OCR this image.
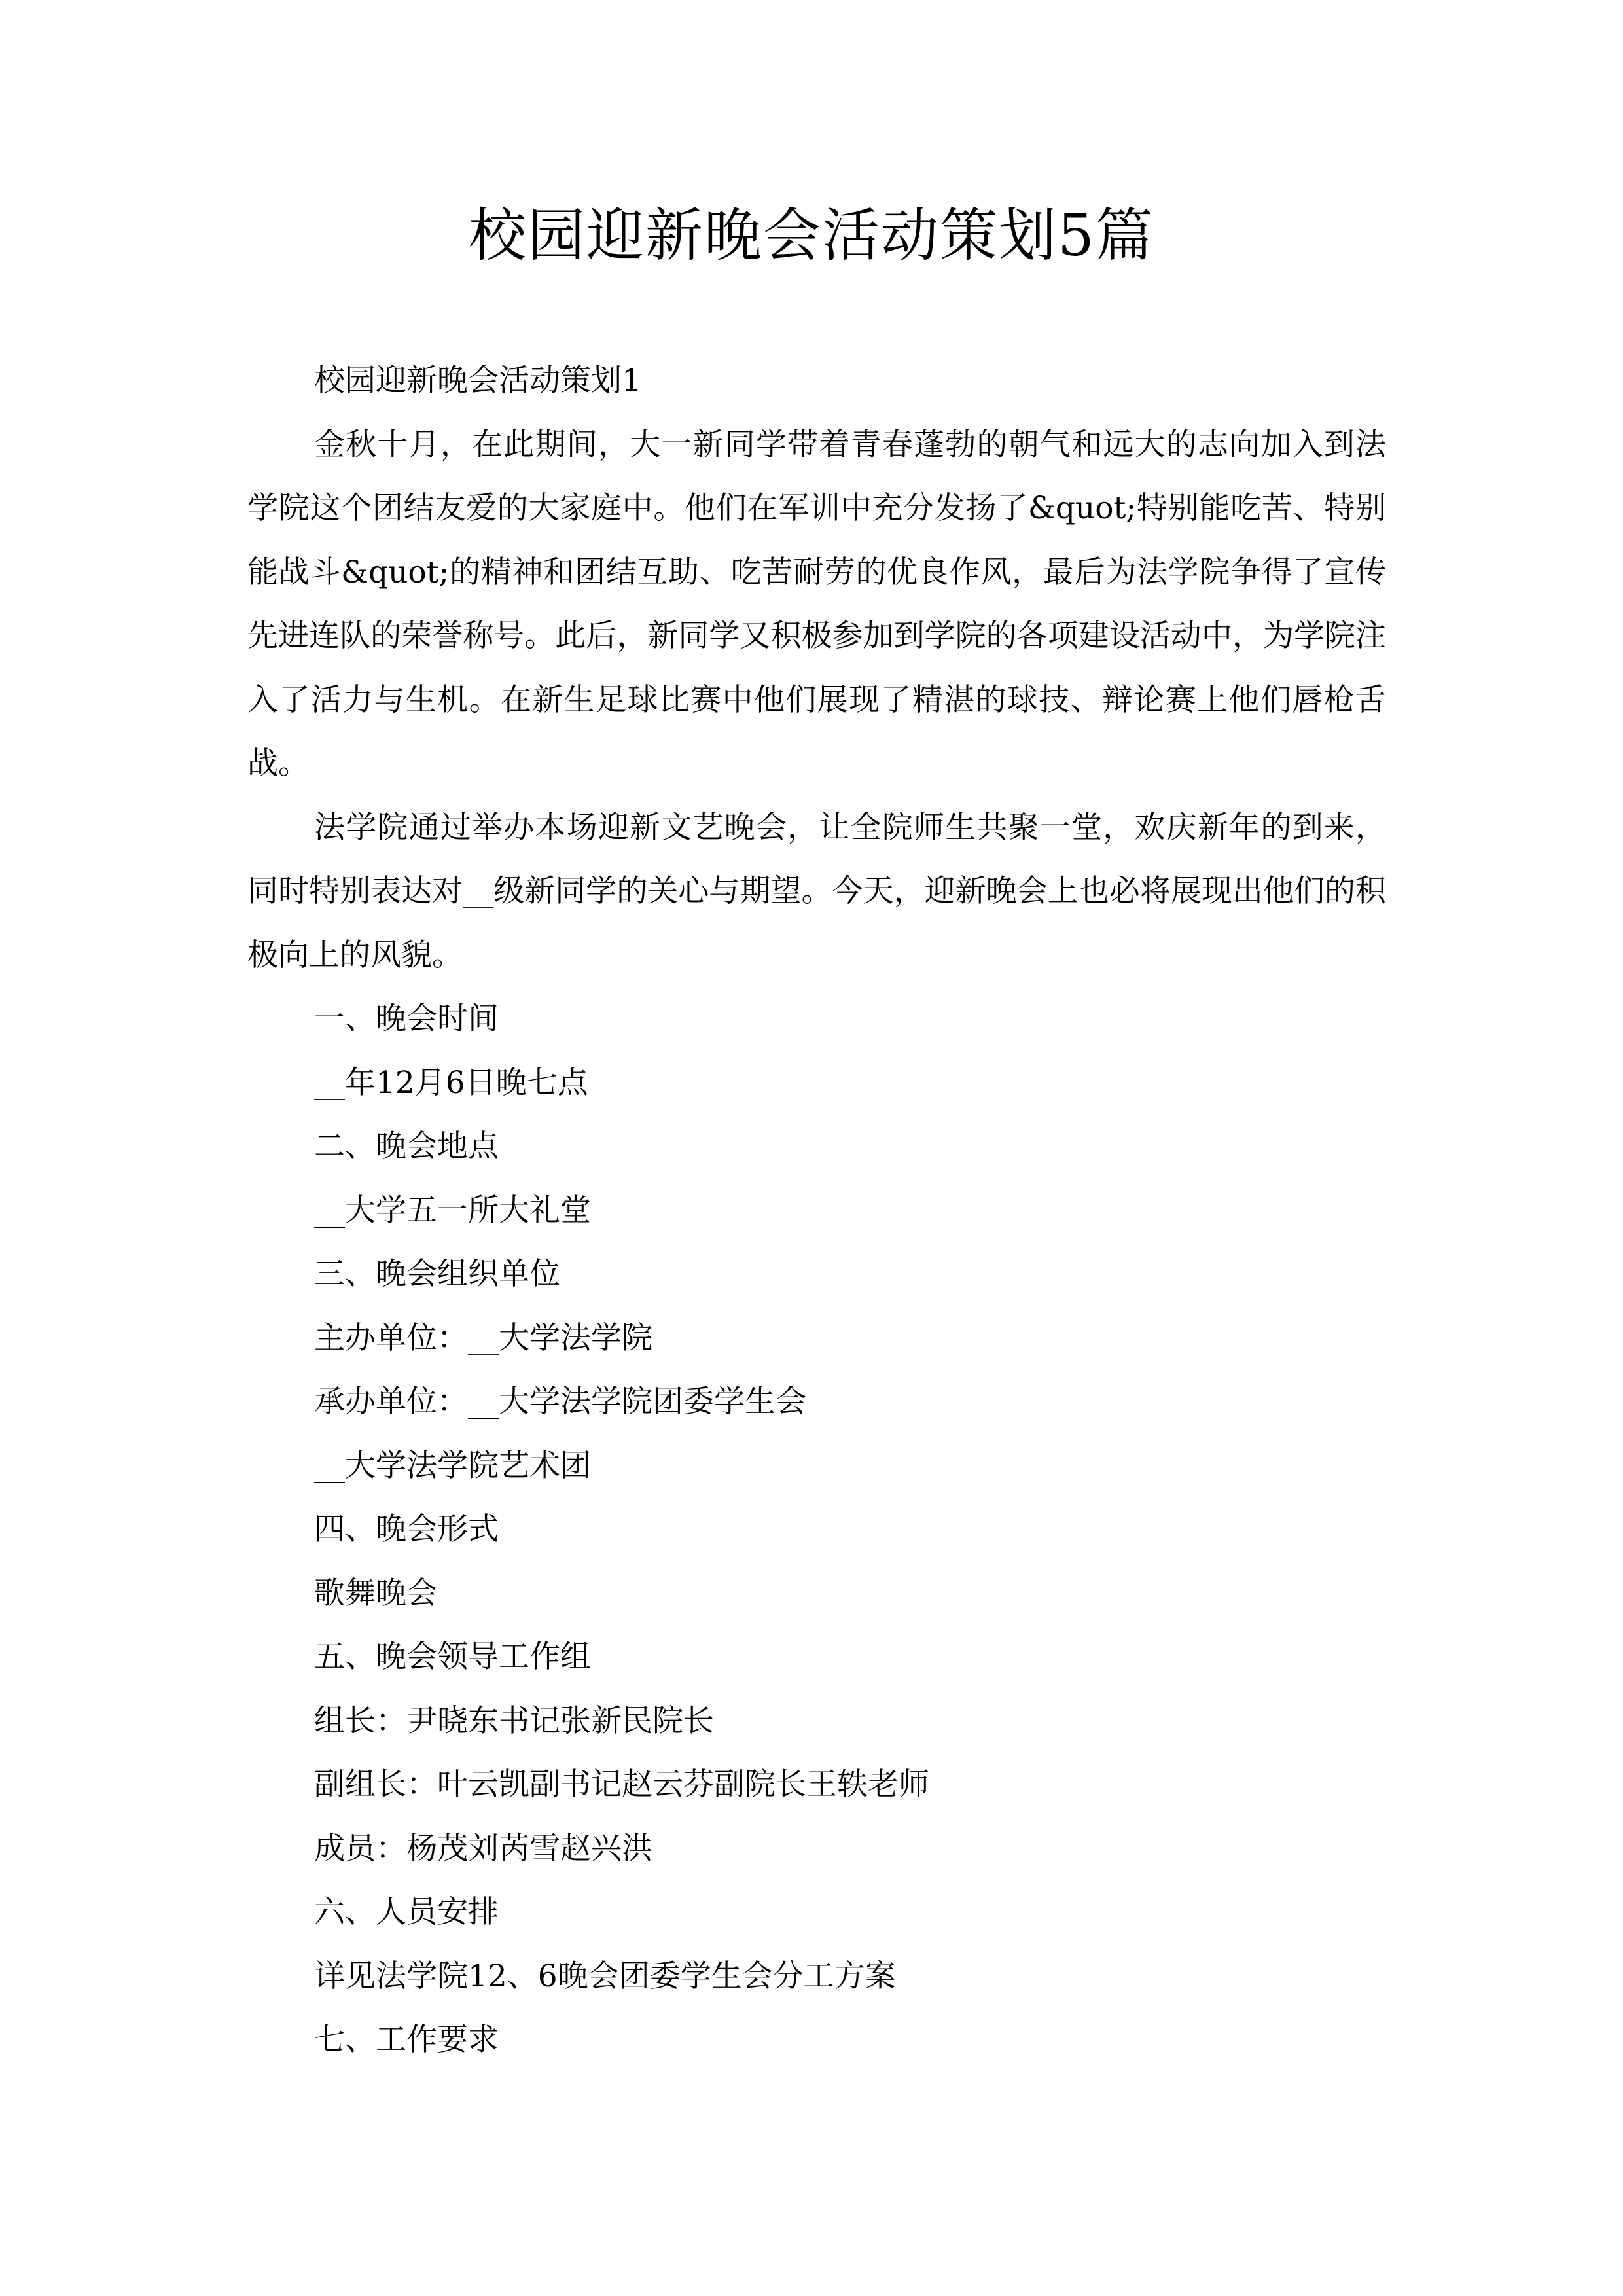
校园迎新晚会活动策划5篇

校园迎新晚会活动策划1

金秋十月，在此期间，大一新同学带着青春蓬勃的朝气和远大的志向加入到法学院这个团结友爱的大家庭中。他们在军训中充分发扬了&quot;特别能吃苦、特别能战斗&quot;的精神和团结互助、吃苦耐劳的优良作风，最后为法学院争得了宣传先进连队的荣誉称号。此后，新同学又积极参加到学院的各项建设活动中，为学院注入了活力与生机。在新生足球比赛中他们展现了精湛的球技、辩论赛上他们唇枪舌战。

法学院通过举办本场迎新文艺晚会，让全院师生共聚一堂，欢庆新年的到来，同时特别表达对__级新同学的关心与期望。今天，迎新晚会上也必将展现出他们的积极向上的风貌。

一、晚会时间

__年12月6日晚七点

二、晚会地点

__大学五一所大礼堂

三、晚会组织单位

主办单位：__大学法学院

承办单位：__大学法学院团委学生会

__大学法学院艺术团

四、晚会形式

歌舞晚会

五、晚会领导工作组

组长：尹晓东书记张新民院长

副组长：叶云凯副书记赵云芬副院长王轶老师

成员：杨茂刘芮雪赵兴洪

六、人员安排

详见法学院12、6晚会团委学生会分工方案

七、工作要求
